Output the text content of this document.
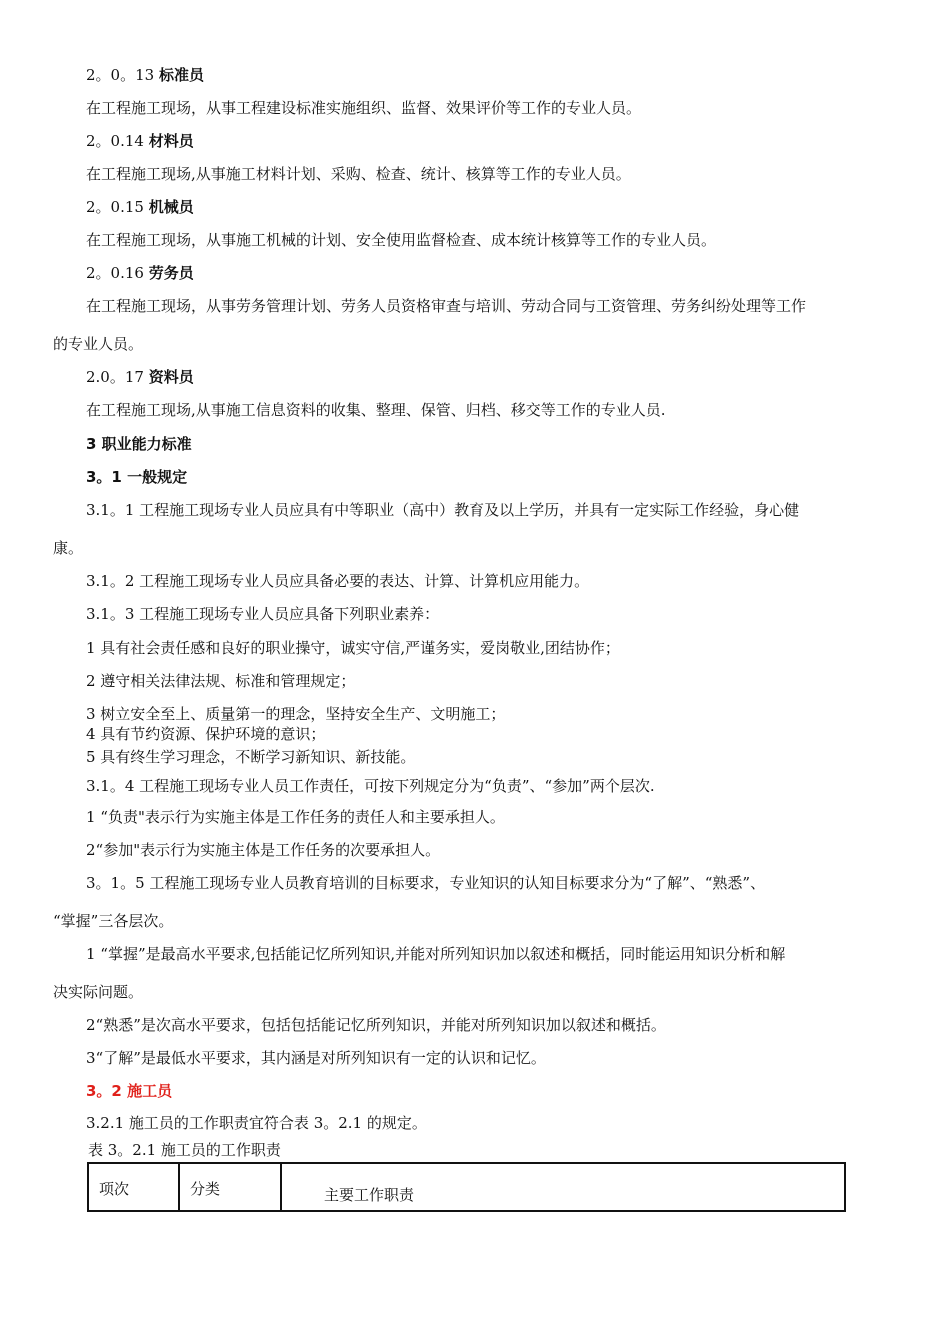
2。0。13 标准员
在工程施工现场，从事工程建设标准实施组织、监督、效果评价等工作的专业人员。
2。0.14 材料员
在工程施工现场,从事施工材料计划、采购、检查、统计、核算等工作的专业人员。
2。0.15 机械员
在工程施工现场，从事施工机械的计划、安全使用监督检查、成本统计核算等工作的专业人员。
2。0.16 劳务员
在工程施工现场，从事劳务管理计划、劳务人员资格审查与培训、劳动合同与工资管理、劳务纠纷处理等工作
的专业人员。
2.0。17 资料员
在工程施工现场,从事施工信息资料的收集、整理、保管、归档、移交等工作的专业人员.
3 职业能力标准
3。1 一般规定
3.1。1 工程施工现场专业人员应具有中等职业（高中）教育及以上学历，并具有一定实际工作经验，身心健
康。
3.1。2 工程施工现场专业人员应具备必要的表达、计算、计算机应用能力。
3.1。3 工程施工现场专业人员应具备下列职业素养：
1 具有社会责任感和良好的职业操守，诚实守信,严谨务实，爱岗敬业,团结协作；
2 遵守相关法律法规、标准和管理规定；
3 树立安全至上、质量第一的理念，坚持安全生产、文明施工；
4 具有节约资源、保护环境的意识；
5 具有终生学习理念，不断学习新知识、新技能。
3.1。4 工程施工现场专业人员工作责任，可按下列规定分为“负责”、“参加”两个层次.
1 “负责"表示行为实施主体是工作任务的责任人和主要承担人。
2“参加"表示行为实施主体是工作任务的次要承担人。
3。1。5 工程施工现场专业人员教育培训的目标要求，专业知识的认知目标要求分为“了解”、“熟悉”、
“掌握”三各层次。
1 “掌握”是最高水平要求,包括能记忆所列知识,并能对所列知识加以叙述和概括，同时能运用知识分析和解
决实际问题。
2“熟悉”是次高水平要求，包括包括能记忆所列知识，并能对所列知识加以叙述和概括。
3“了解”是最低水平要求，其内涵是对所列知识有一定的认识和记忆。
3。2 施工员
3.2.1 施工员的工作职责宜符合表 3。2.1 的规定。
表 3。2.1 施工员的工作职责
项次	分类	主要工作职责
